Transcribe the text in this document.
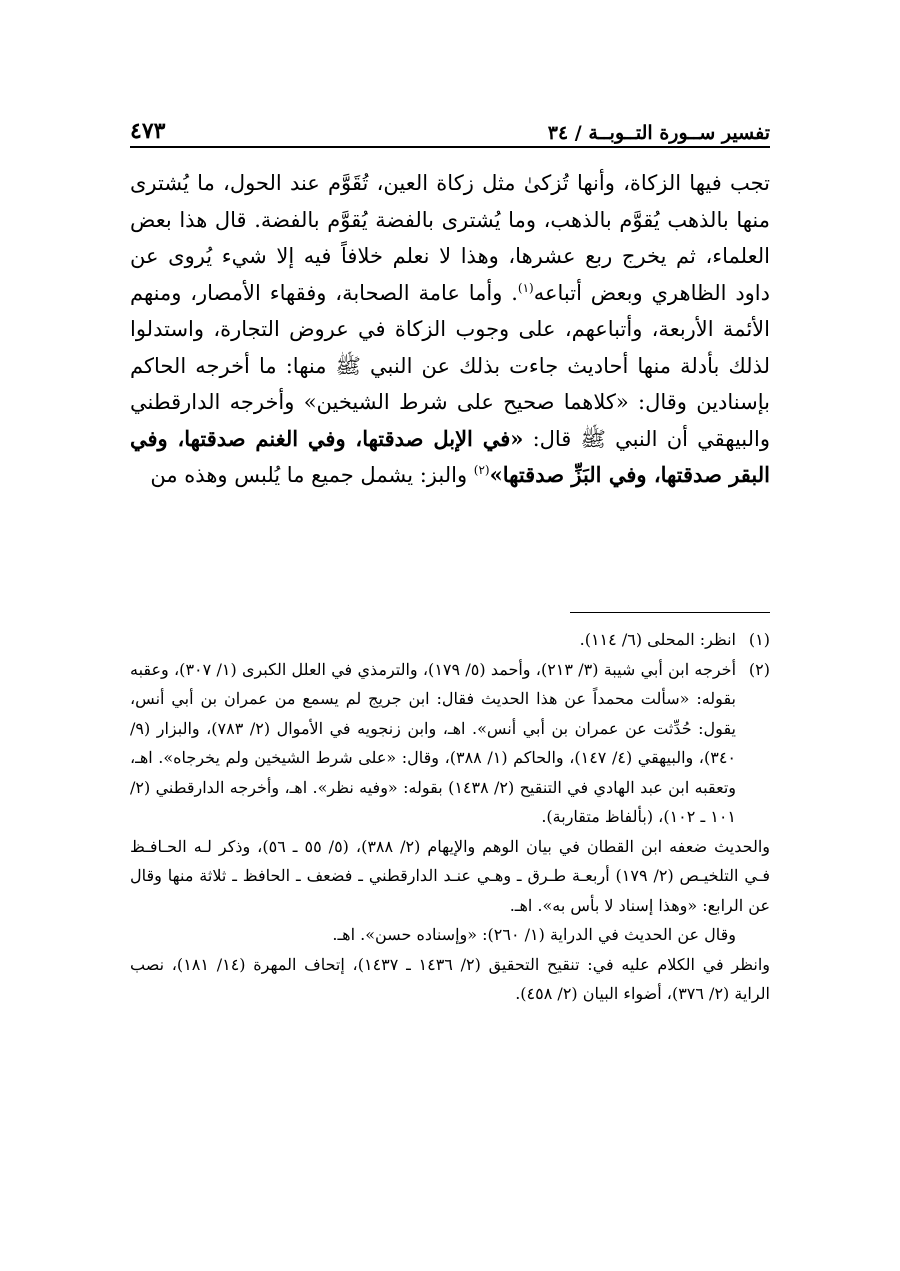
تفسير ســورة التــوبــة / ٣٤
٤٧٣

تجب فيها الزكاة، وأنها تُزكىٰ مثل زكاة العين، تُقَوَّم عند الحول، ما يُشترى منها بالذهب يُقوَّم بالذهب، وما يُشترى بالفضة يُقوَّم بالفضة. قال هذا بعض العلماء، ثم يخرج ربع عشرها، وهذا لا نعلم خلافاً فيه إلا شيء يُروى عن داود الظاهري وبعض أتباعه$^{(١)}$. وأما عامة الصحابة، وفقهاء الأمصار، ومنهم الأئمة الأربعة، وأتباعهم، على وجوب الزكاة في عروض التجارة، واستدلوا لذلك بأدلة منها أحاديث جاءت بذلك عن النبي ﷺ منها: ما أخرجه الحاكم بإسنادين وقال: «كلاهما صحيح على شرط الشيخين» وأخرجه الدارقطني والبيهقي أن النبي ﷺ قال: «في الإبل صدقتها، وفي الغنم صدقتها، وفي البقر صدقتها، وفي البَزِّ صدقتها»$^{(٢)}$ والبز: يشمل جميع ما يُلبس وهذه من

(١)
انظر: المحلى (٦/ ١١٤).
(٢)
أخرجه ابن أبي شيبة (٣/ ٢١٣)، وأحمد (٥/ ١٧٩)، والترمذي في العلل الكبرى (١/ ٣٠٧)، وعقبه بقوله: «سألت محمداً عن هذا الحديث فقال: ابن جريج لم يسمع من عمران بن أبي أنس، يقول: حُدِّثت عن عمران بن أبي أنس». اهـ، وابن زنجويه في الأموال (٢/ ٧٨٣)، والبزار (٩/ ٣٤٠)، والبيهقي (٤/ ١٤٧)، والحاكم (١/ ٣٨٨)، وقال: «على شرط الشيخين ولم يخرجاه». اهـ، وتعقبه ابن عبد الهادي في التنقيح (٢/ ١٤٣٨) بقوله: «وفيه نظر». اهـ، وأخرجه الدارقطني (٢/ ١٠١ ـ ١٠٢)، (بألفاظ متقاربة).

والحديث ضعفه ابن القطان في بيان الوهم والإيهام (٢/ ٣٨٨)، (٥/ ٥٥ ـ ٥٦)، وذكر لـه الحـافـظ فـي التلخيـص (٢/ ١٧٩) أربعـة طـرق ـ وهـي عنـد الدارقطني ـ فضعف ـ الحافظ ـ ثلاثة منها وقال عن الرابع: «وهذا إسناد لا بأس به». اهـ.

وقال عن الحديث في الدراية (١/ ٢٦٠): «وإسناده حسن». اهـ.

وانظر في الكلام عليه في: تنقيح التحقيق (٢/ ١٤٣٦ ـ ١٤٣٧)، إتحاف المهرة (١٤/ ١٨١)، نصب الراية (٢/ ٣٧٦)، أضواء البيان (٢/ ٤٥٨).
